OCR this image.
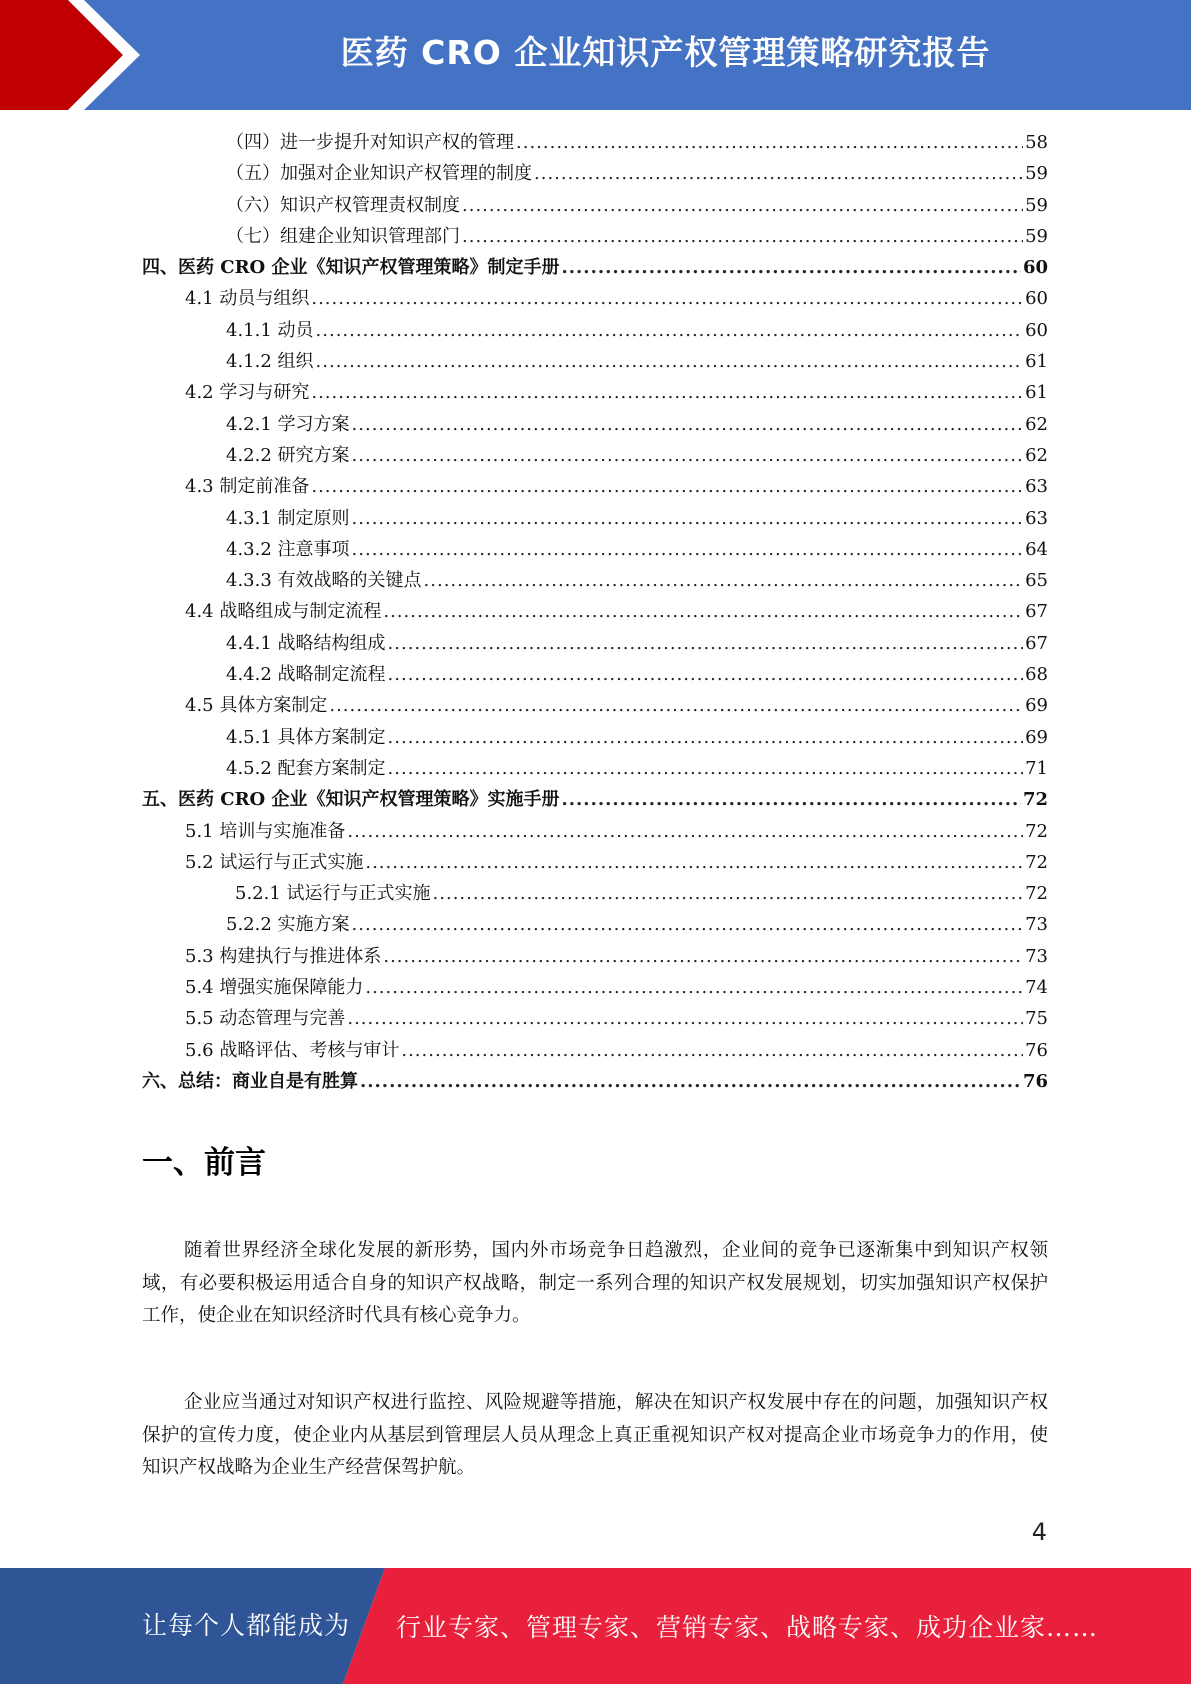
医药 CRO 企业知识产权管理策略研究报告
（四）进一步提升对知识产权的管理 .....	58
（五）加强对企业知识产权管理的制度 .....	59
（六）知识产权管理责权制度 .....	59
（七）组建企业知识管理部门 .....	59
四、医药 CRO 企业《知识产权管理策略》制定手册 .....	60
4.1 动员与组织 .....	60
4.1.1 动员 .....	60
4.1.2 组织 .....	61
4.2 学习与研究 .....	61
4.2.1 学习方案 .....	62
4.2.2 研究方案 .....	62
4.3 制定前准备 .....	63
4.3.1 制定原则 .....	63
4.3.2 注意事项 .....	64
4.3.3 有效战略的关键点 .....	65
4.4 战略组成与制定流程 .....	67
4.4.1 战略结构组成 .....	67
4.4.2 战略制定流程 .....	68
4.5 具体方案制定 .....	69
4.5.1 具体方案制定 .....	69
4.5.2 配套方案制定 .....	71
五、医药 CRO 企业《知识产权管理策略》实施手册 .....	72
5.1 培训与实施准备 .....	72
5.2 试运行与正式实施 .....	72
5.2.1 试运行与正式实施 .....	72
5.2.2 实施方案 .....	73
5.3 构建执行与推进体系 .....	73
5.4 增强实施保障能力 .....	74
5.5 动态管理与完善 .....	75
5.6 战略评估、考核与审计 .....	76
六、总结：商业自是有胜算 .....	76
一、前言

随着世界经济全球化发展的新形势，国内外市场竞争日趋激烈，企业间的竞争已逐渐集中到知识产权领域，有必要积极运用适合自身的知识产权战略，制定一系列合理的知识产权发展规划，切实加强知识产权保护工作，使企业在知识经济时代具有核心竞争力。

企业应当通过对知识产权进行监控、风险规避等措施，解决在知识产权发展中存在的问题，加强知识产权保护的宣传力度，使企业内从基层到管理层人员从理念上真正重视知识产权对提高企业市场竞争力的作用，使知识产权战略为企业生产经营保驾护航。

4
让每个人都能成为 行业专家、管理专家、营销专家、战略专家、成功企业家……
